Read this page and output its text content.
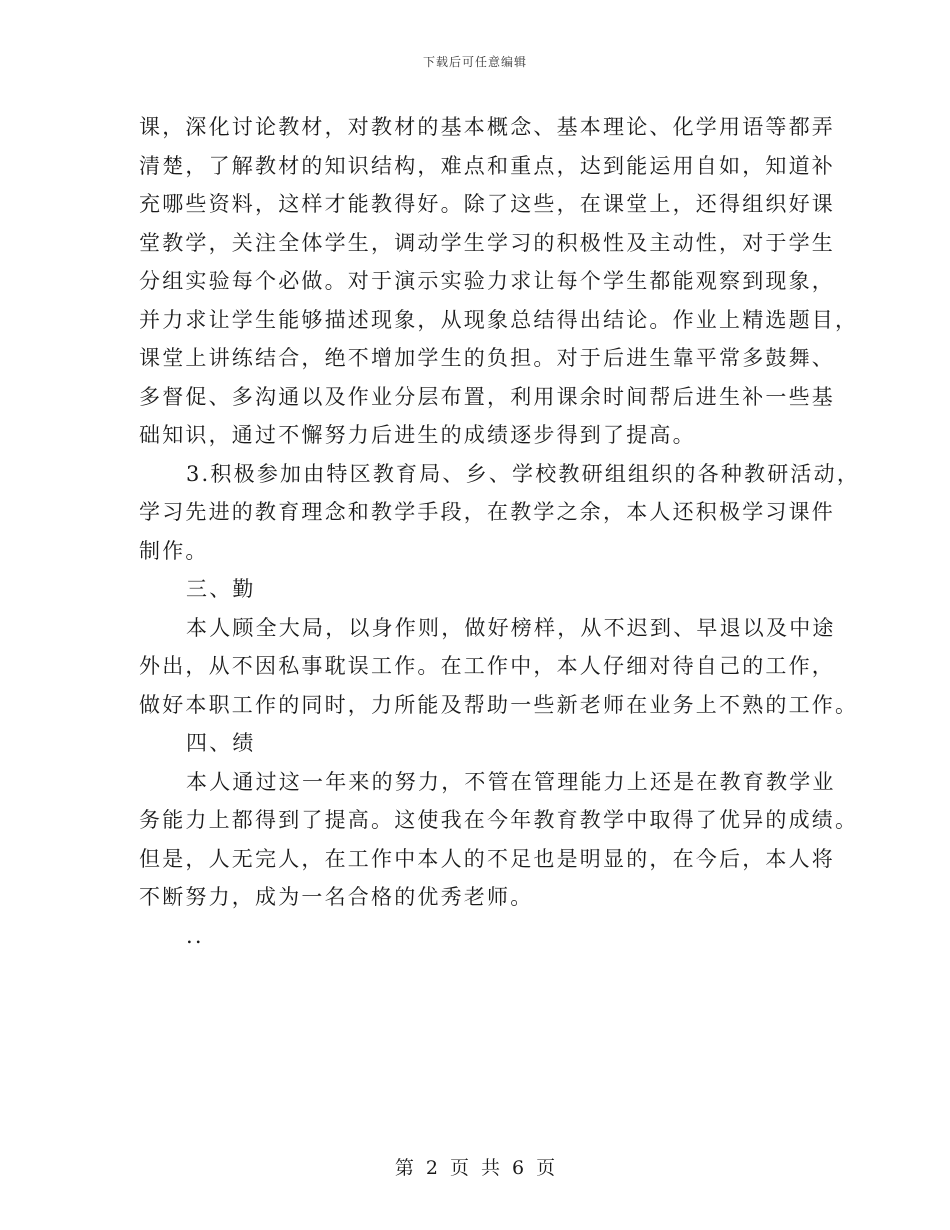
下载后可任意编辑
课，深化讨论教材，对教材的基本概念、基本理论、化学用语等都弄
清楚，了解教材的知识结构，难点和重点，达到能运用自如，知道补
充哪些资料，这样才能教得好。除了这些，在课堂上，还得组织好课
堂教学，关注全体学生，调动学生学习的积极性及主动性，对于学生
分组实验每个必做。对于演示实验力求让每个学生都能观察到现象，
并力求让学生能够描述现象，从现象总结得出结论。作业上精选题目，
课堂上讲练结合，绝不增加学生的负担。对于后进生靠平常多鼓舞、
多督促、多沟通以及作业分层布置，利用课余时间帮后进生补一些基
础知识，通过不懈努力后进生的成绩逐步得到了提高。
3.积极参加由特区教育局、乡、学校教研组组织的各种教研活动，
学习先进的教育理念和教学手段，在教学之余，本人还积极学习课件
制作。
三、勤
本人顾全大局，以身作则，做好榜样，从不迟到、早退以及中途
外出，从不因私事耽误工作。在工作中，本人仔细对待自己的工作，
做好本职工作的同时，力所能及帮助一些新老师在业务上不熟的工作。
四、绩
本人通过这一年来的努力，不管在管理能力上还是在教育教学业
务能力上都得到了提高。这使我在今年教育教学中取得了优异的成绩。
但是，人无完人，在工作中本人的不足也是明显的，在今后，本人将
不断努力，成为一名合格的优秀老师。
..
第 2 页 共 6 页
